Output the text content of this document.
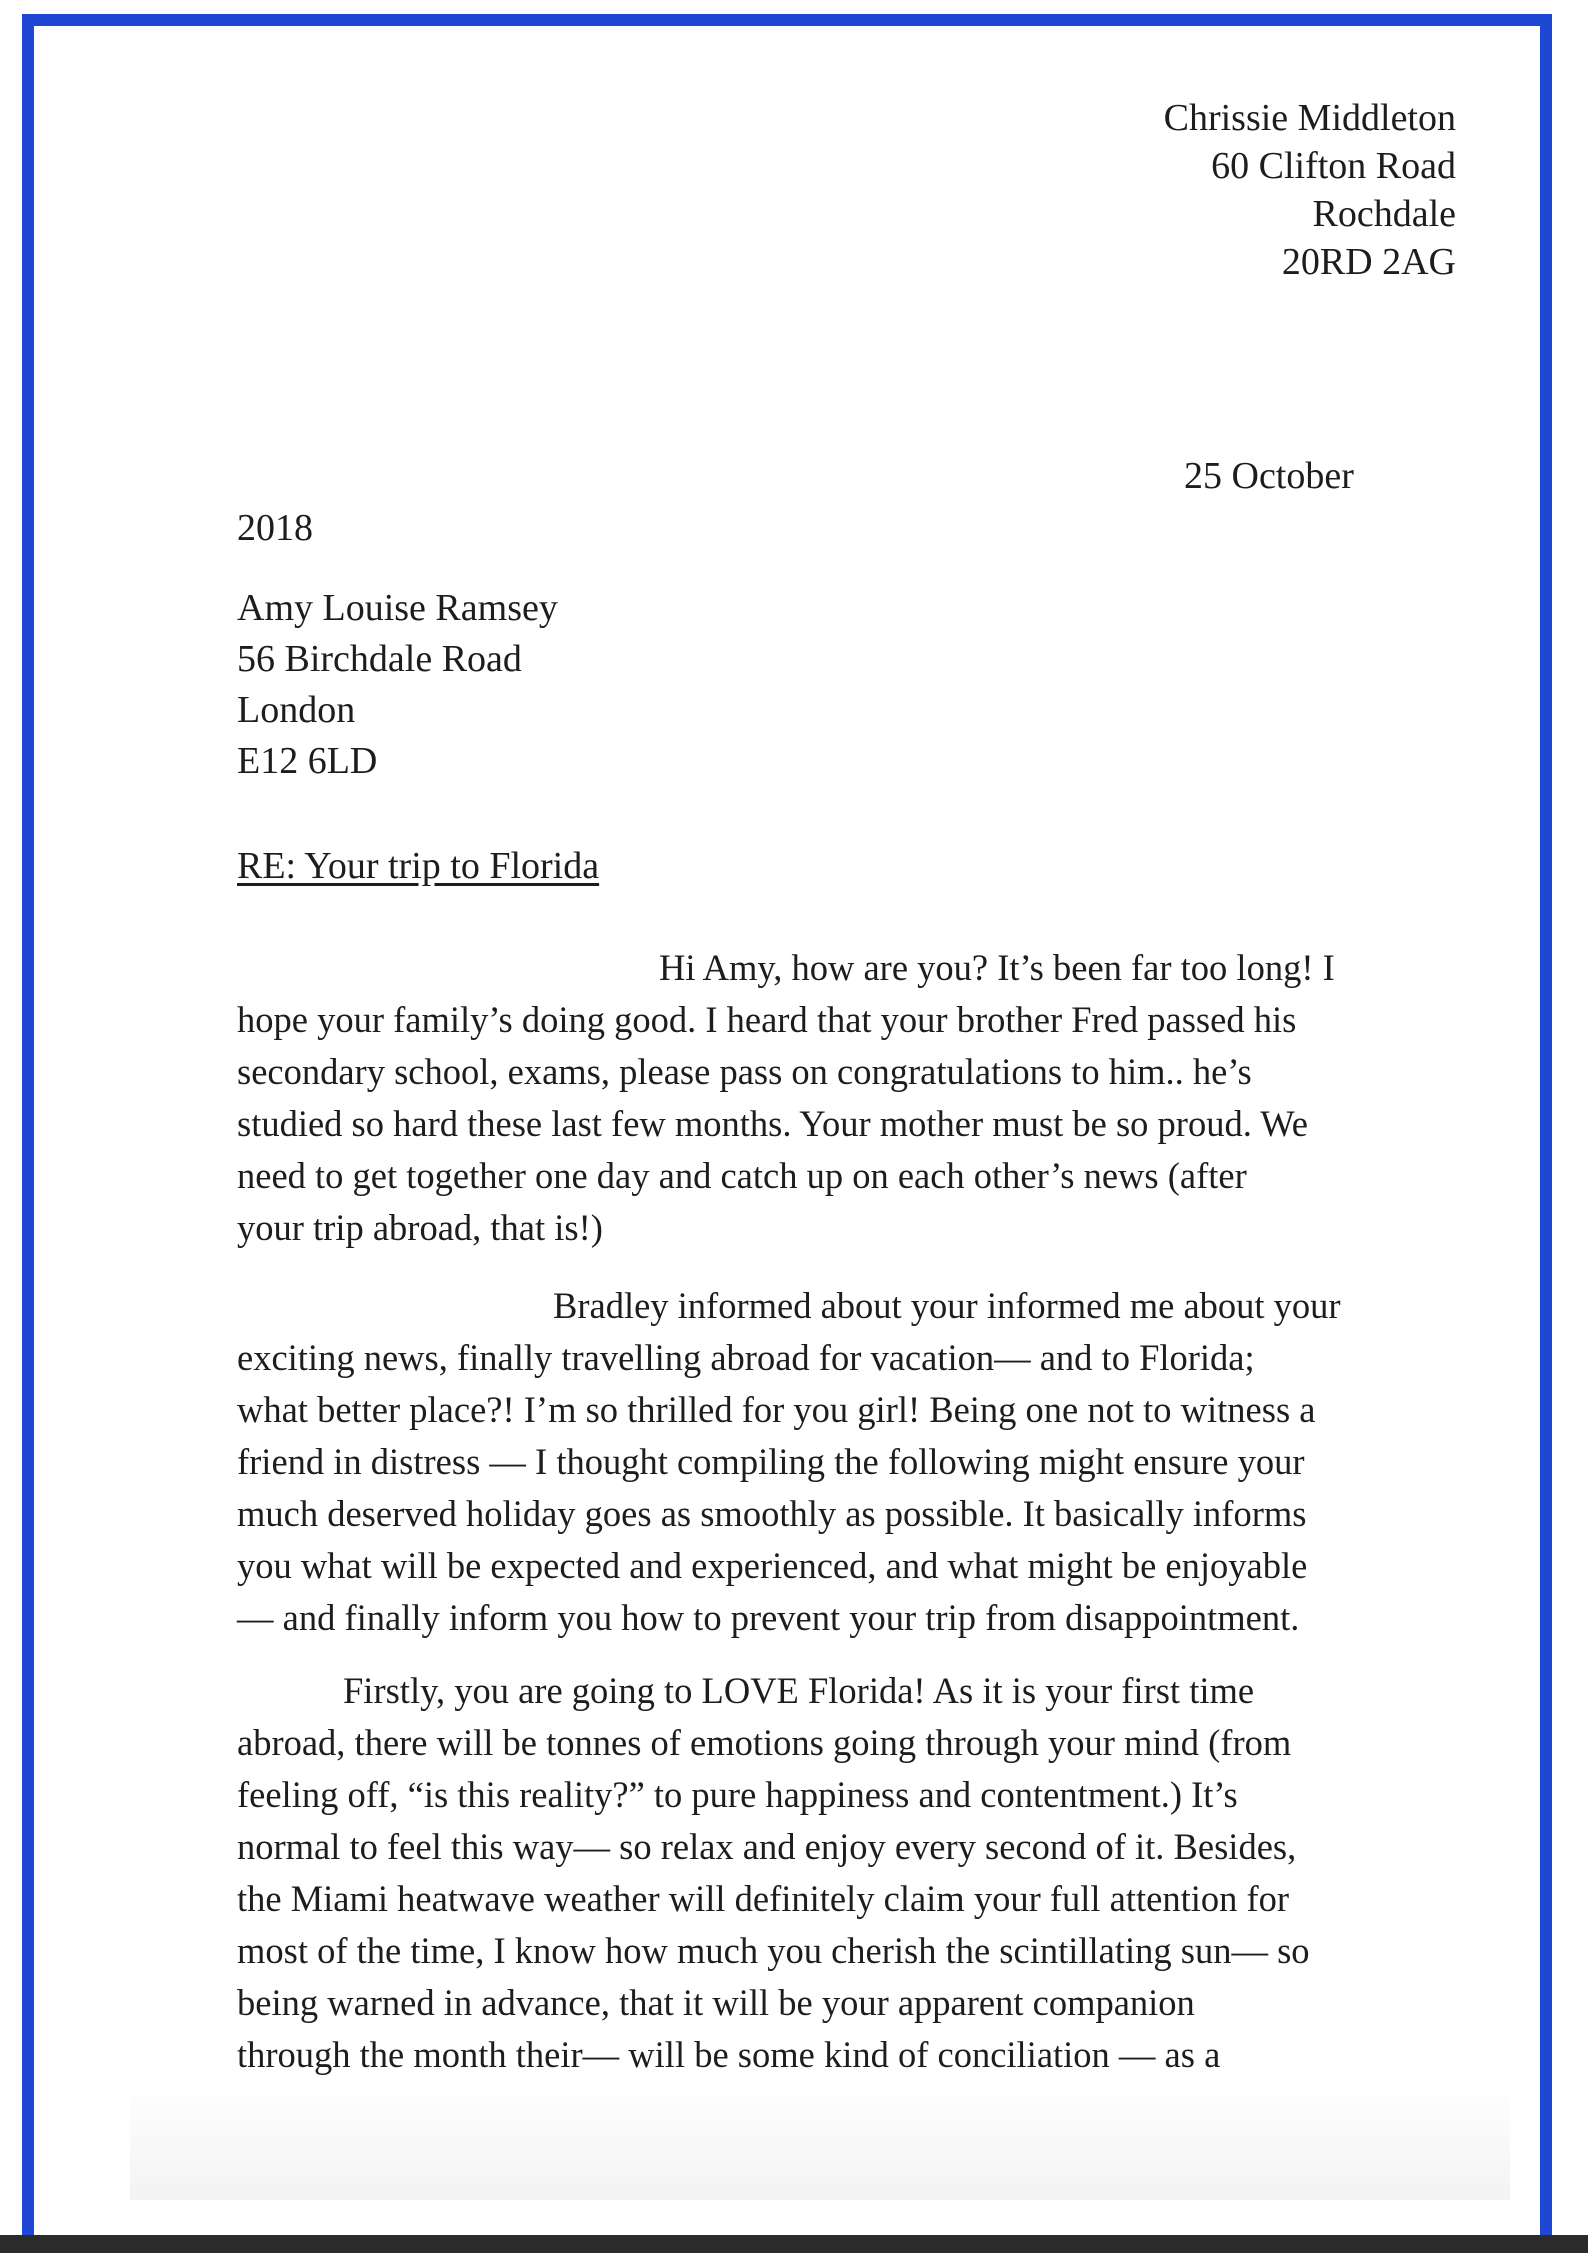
Chrissie Middleton
60 Clifton Road
Rochdale
20RD 2AG
25 October
2018
Amy Louise Ramsey
56 Birchdale Road
London
E12 6LD
RE: Your trip to Florida
Hi Amy, how are you? It’s been far too long! I
hope your family’s doing good. I heard that your brother Fred passed his
secondary school, exams, please pass on congratulations to him.. he’s
studied so hard these last few months. Your mother must be so proud. We
need to get together one day and catch up on each other’s news (after
your trip abroad, that is!)
Bradley informed about your informed me about your
exciting news, finally travelling abroad for vacation— and to Florida;
what better place?! I’m so thrilled for you girl! Being one not to witness a
friend in distress — I thought compiling the following might ensure your
much deserved holiday goes as smoothly as possible. It basically informs
you what will be expected and experienced, and what might be enjoyable
— and finally inform you how to prevent your trip from disappointment.
Firstly, you are going to LOVE Florida! As it is your first time
abroad, there will be tonnes of emotions going through your mind (from
feeling off, “is this reality?” to pure happiness and contentment.) It’s
normal to feel this way— so relax and enjoy every second of it. Besides,
the Miami heatwave weather will definitely claim your full attention for
most of the time, I know how much you cherish the scintillating sun— so
being warned in advance, that it will be your apparent companion
through the month their— will be some kind of conciliation — as a
